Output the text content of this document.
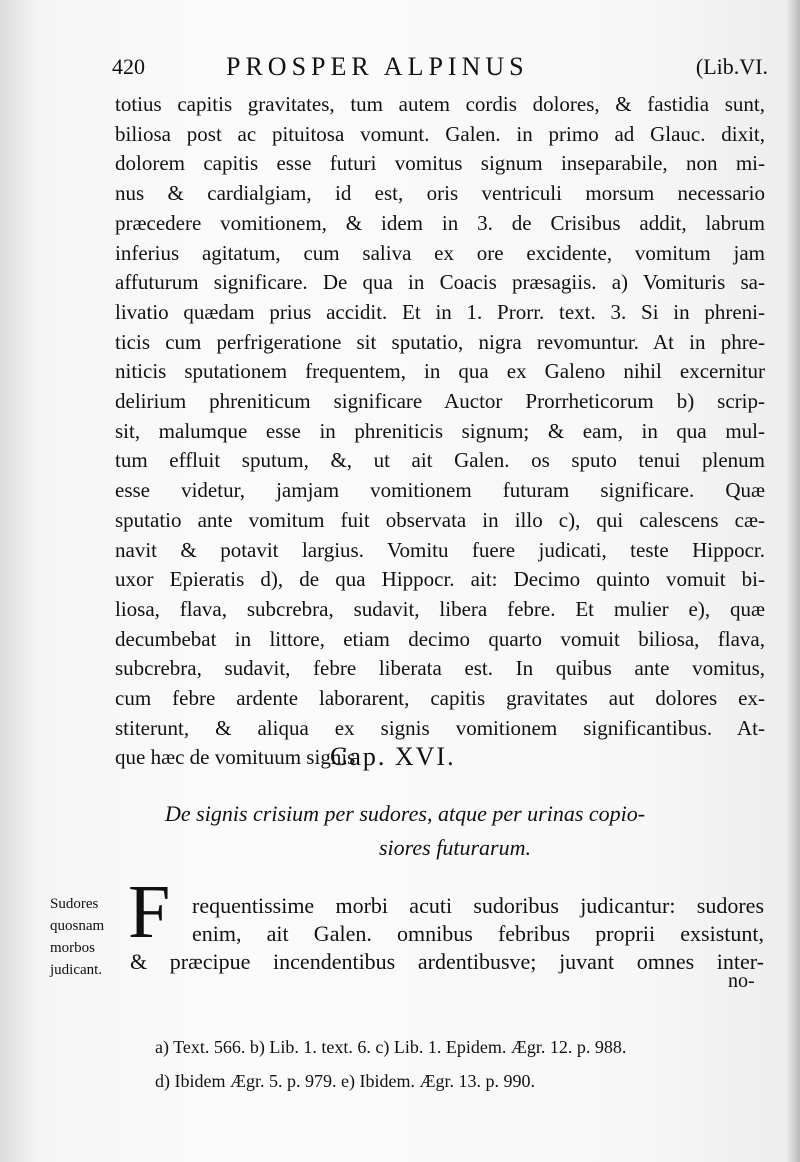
420	PROSPER ALPINUS	(Lib.VI.
totius capitis gravitates, tum autem cordis dolores, & fastidia sunt,
biliosa post ac pituitosa vomunt. Galen. in primo ad Glauc. dixit,
dolorem capitis esse futuri vomitus signum inseparabile, non mi-
nus & cardialgiam, id est, oris ventriculi morsum necessario
præcedere vomitionem, & idem in 3. de Crisibus addit, labrum
inferius agitatum, cum saliva ex ore excidente, vomitum jam
affuturum significare. De qua in Coacis præsagiis. a) Vomituris sa-
livatio quædam prius accidit. Et in 1. Prorr. text. 3. Si in phreni-
ticis cum perfrigeratione sit sputatio, nigra revomuntur. At in phre-
niticis sputationem frequentem, in qua ex Galeno nihil excernitur
delirium phreniticum significare Auctor Prorrheticorum b) scrip-
sit, malumque esse in phreniticis signum; & eam, in qua mul-
tum effluit sputum, &, ut ait Galen. os sputo tenui plenum
esse videtur, jamjam vomitionem futuram significare. Quæ
sputatio ante vomitum fuit observata in illo c), qui calescens cæ-
navit & potavit largius. Vomitu fuere judicati, teste Hippocr.
uxor Epieratis d), de qua Hippocr. ait: Decimo quinto vomuit bi-
liosa, flava, subcrebra, sudavit, libera febre. Et mulier e), quæ
decumbebat in littore, etiam decimo quarto vomuit biliosa, flava,
subcrebra, sudavit, febre liberata est. In quibus ante vomitus,
cum febre ardente laborarent, capitis gravitates aut dolores ex-
stiterunt, & aliqua ex signis vomitionem significantibus. At-
que hæc de vomituum signis.
Cap. XVI.
De signis crisium per sudores, atque per urinas copio-
siores futurarum.
Sudores
quosnam
morbos
judicant.
F requentissime morbi acuti sudoribus judicantur: sudores
enim, ait Galen. omnibus febribus proprii exsistunt,
& præcipue incendentibus ardentibusve; juvant omnes inter-
no-
a) Text. 566. b) Lib. 1. text. 6. c) Lib. 1. Epidem. Ægr. 12. p. 988.
d) Ibidem Ægr. 5. p. 979. e) Ibidem. Ægr. 13. p. 990.
